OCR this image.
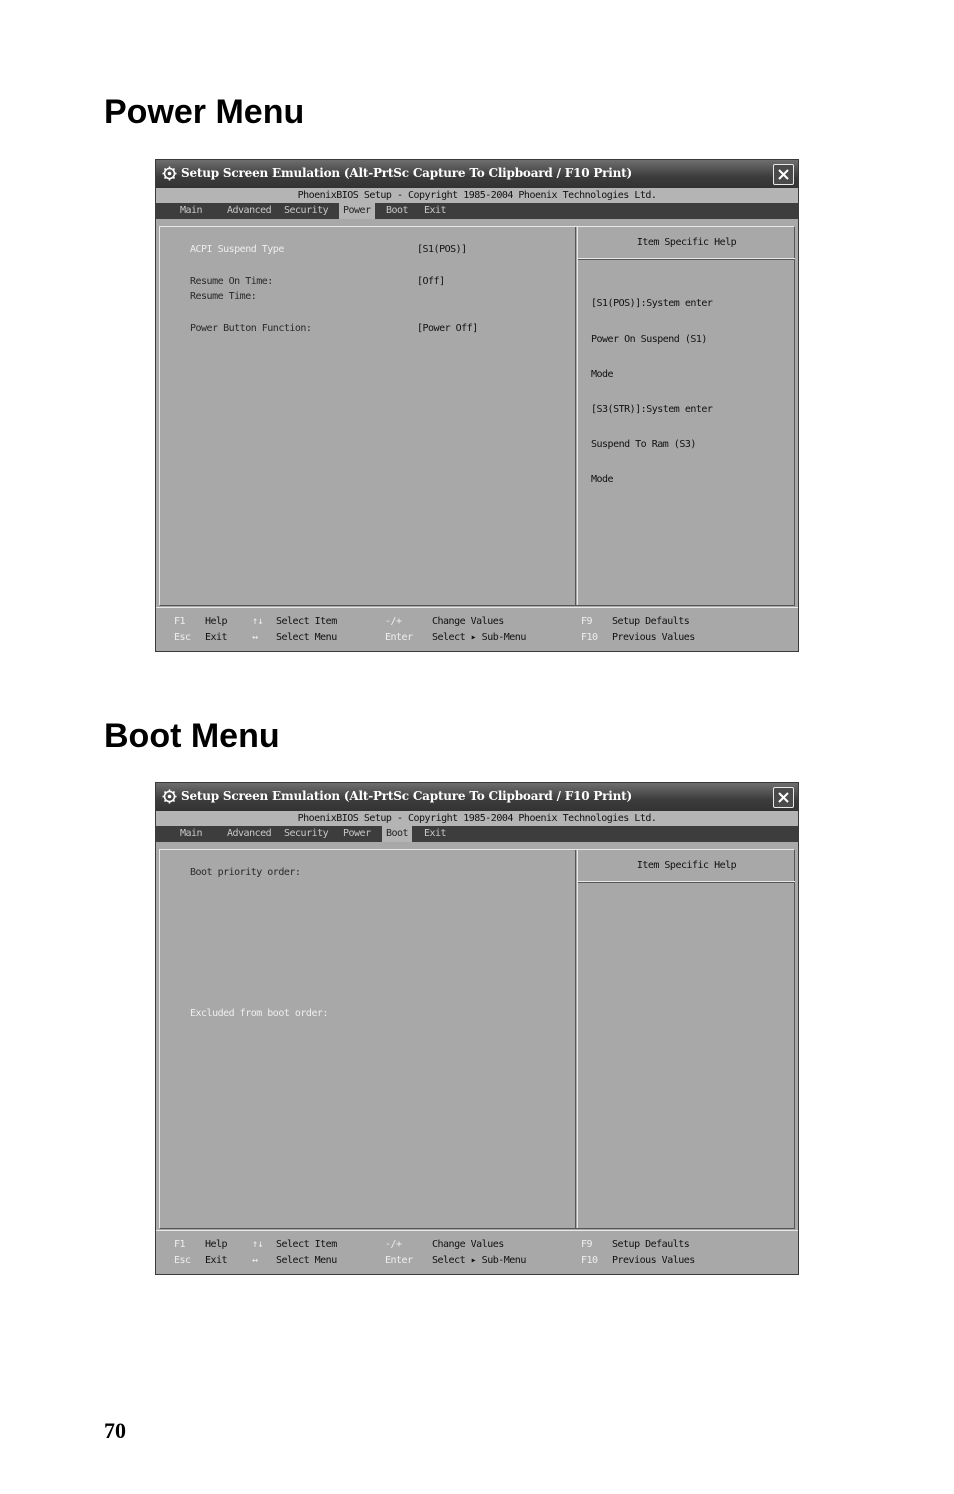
Power Menu
Setup Screen Emulation (Alt-PrtSc Capture To Clipboard / F10 Print)
PhoenixBIOS Setup - Copyright 1985-2004 Phoenix Technologies Ltd.
Main	Advanced	Security	Power	Boot	Exit
ACPI Suspend Type	[S1(POS)]
Resume On Time:	[Off]
Resume Time:
Power Button Function:	[Power Off]
Item Specific Help

[S1(POS)]:System enter

Power On Suspend (S1)

Mode

[S3(STR)]:System enter

Suspend To Ram (S3)

Mode

F1 Help ↑↓ Select Item	-/+	Change Values	F9 Setup Defaults
Esc Exit ↔ Select Menu	Enter Select ▸ Sub-Menu	F10 Previous Values
Boot Menu
Setup Screen Emulation (Alt-PrtSc Capture To Clipboard / F10 Print)
PhoenixBIOS Setup - Copyright 1985-2004 Phoenix Technologies Ltd.
Main	Advanced	Security	Power	Boot	Exit
Boot priority order:
Excluded from boot order:
Item Specific Help
F1 Help ↑↓ Select Item	-/+	Change Values	F9 Setup Defaults
Esc Exit ↔ Select Menu	Enter Select ▸ Sub-Menu	F10 Previous Values
70
